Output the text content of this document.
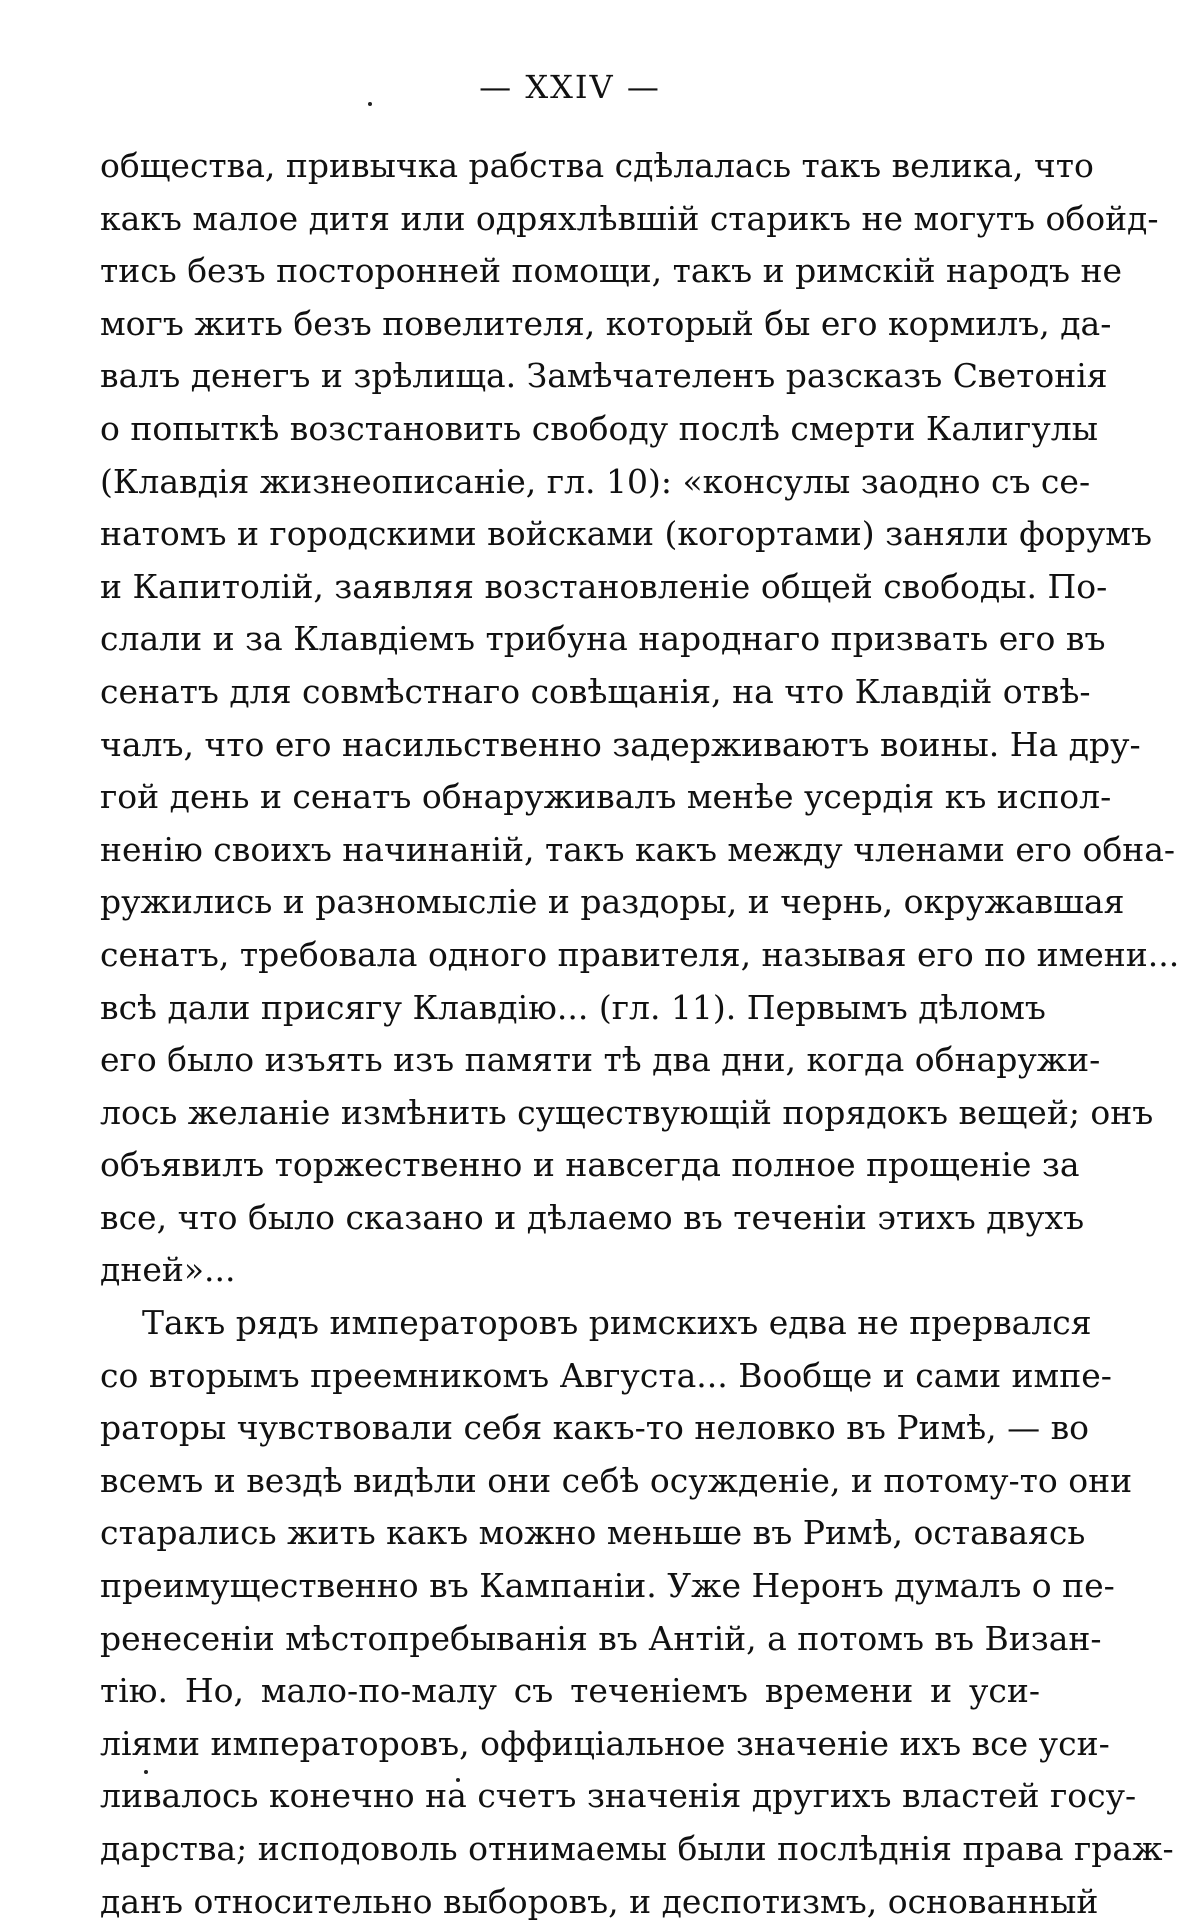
— XXIV —
общества, привычка рабства сдѣлалась такъ велика, что
какъ малое дитя или одряхлѣвшій старикъ не могутъ обойд-
тись безъ посторонней помощи, такъ и римскій народъ не
могъ жить безъ повелителя, который бы его кормилъ, да-
валъ денегъ и зрѣлища. Замѣчателенъ разсказъ Светонія
о попыткѣ возстановить свободу послѣ смерти Калигулы
(Клавдія жизнеописаніе, гл. 10): «консулы заодно съ се-
натомъ и городскими войсками (когортами) заняли форумъ
и Капитолій, заявляя возстановленіе общей свободы. По-
слали и за Клавдіемъ трибуна народнаго призвать его въ
сенатъ для совмѣстнаго совѣщанія, на что Клавдій отвѣ-
чалъ, что его насильственно задерживаютъ воины. На дру-
гой день и сенатъ обнаруживалъ менѣе усердія къ испол-
ненію своихъ начинаній, такъ какъ между членами его обна-
ружились и разномысліе и раздоры, и чернь, окружавшая
сенатъ, требовала одного правителя, называя его по имени...
всѣ дали присягу Клавдію... (гл. 11). Первымъ дѣломъ
его было изъять изъ памяти тѣ два дни, когда обнаружи-
лось желаніе измѣнить существующій порядокъ вещей; онъ
объявилъ торжественно и навсегда полное прощеніе за
все, что было сказано и дѣлаемо въ теченіи этихъ двухъ
дней»...
Такъ рядъ императоровъ римскихъ едва не прервался
со вторымъ преемникомъ Августа... Вообще и сами импе-
раторы чувствовали себя какъ-то неловко въ Римѣ, — во
всемъ и вездѣ видѣли они себѣ осужденіе, и потому-то они
старались жить какъ можно меньше въ Римѣ, оставаясь
преимущественно въ Кампаніи. Уже Неронъ думалъ о пе-
ренесеніи мѣстопребыванія въ Антій, а потомъ въ Визан-
тію. Но, мало-по-малу съ теченіемъ времени и уси-
ліями императоровъ, оффиціальное значеніе ихъ все уси-
ливалось конечно на счетъ значенія другихъ властей госу-
дарства; исподоволь отнимаемы были послѣднія права граж-
данъ относительно выборовъ, и деспотизмъ, основанный
